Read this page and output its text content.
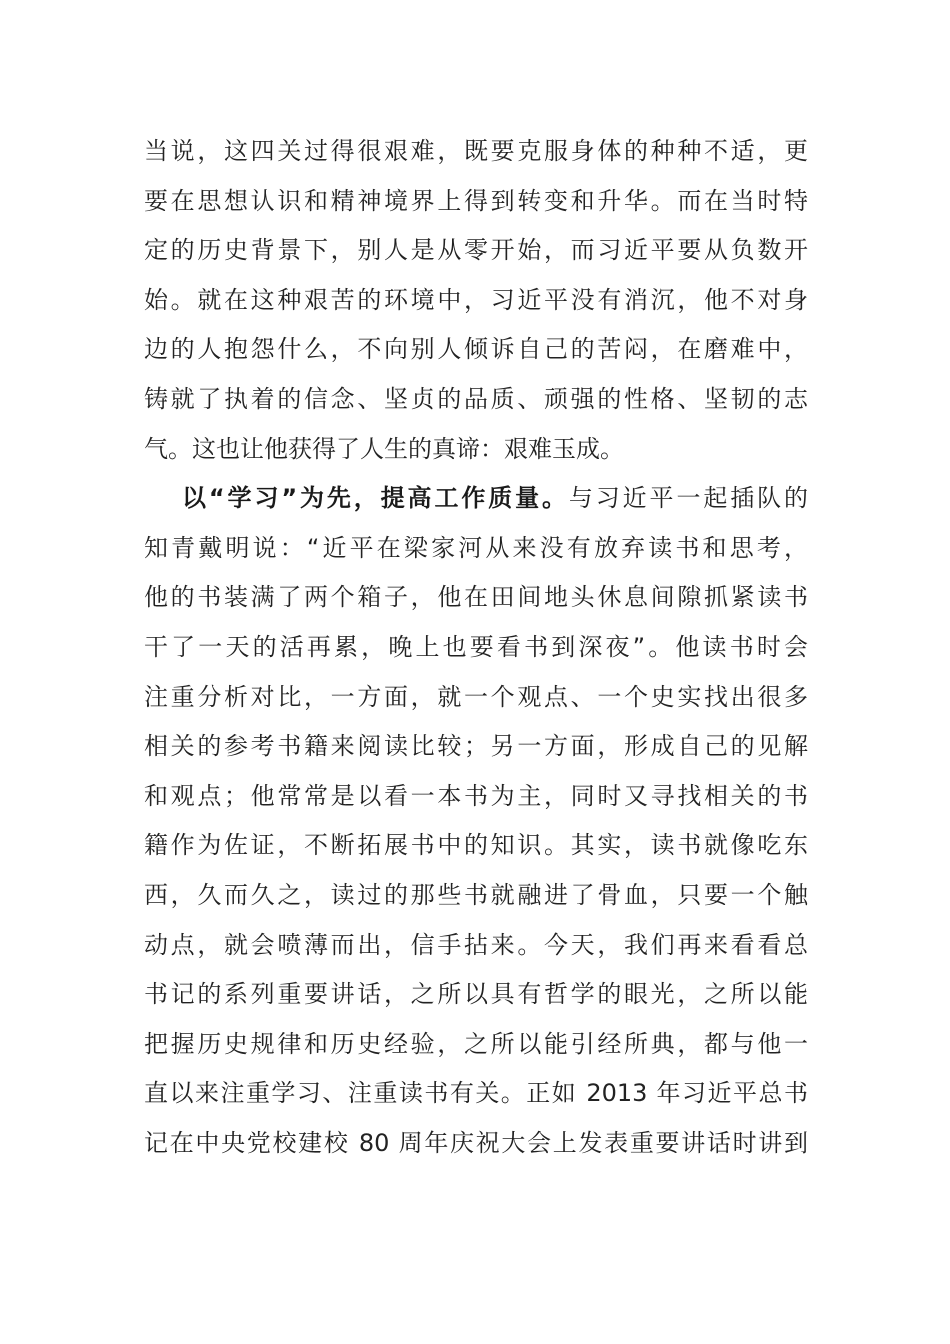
当说，这四关过得很艰难，既要克服身体的种种不适，更
要在思想认识和精神境界上得到转变和升华。而在当时特
定的历史背景下，别人是从零开始，而习近平要从负数开
始。就在这种艰苦的环境中，习近平没有消沉，他不对身
边的人抱怨什么，不向别人倾诉自己的苦闷，在磨难中，
铸就了执着的信念、坚贞的品质、顽强的性格、坚韧的志
气。这也让他获得了人生的真谛：艰难玉成。
以“学习”为先，提高工作质量。与习近平一起插队的
知青戴明说：“近平在梁家河从来没有放弃读书和思考，
他的书装满了两个箱子，他在田间地头休息间隙抓紧读书
干了一天的活再累，晚上也要看书到深夜”。他读书时会
注重分析对比，一方面，就一个观点、一个史实找出很多
相关的参考书籍来阅读比较；另一方面，形成自己的见解
和观点；他常常是以看一本书为主，同时又寻找相关的书
籍作为佐证，不断拓展书中的知识。其实，读书就像吃东
西，久而久之，读过的那些书就融进了骨血，只要一个触
动点，就会喷薄而出，信手拈来。今天，我们再来看看总
书记的系列重要讲话，之所以具有哲学的眼光，之所以能
把握历史规律和历史经验，之所以能引经所典，都与他一
直以来注重学习、注重读书有关。正如 2013 年习近平总书
记在中央党校建校 80 周年庆祝大会上发表重要讲话时讲到
